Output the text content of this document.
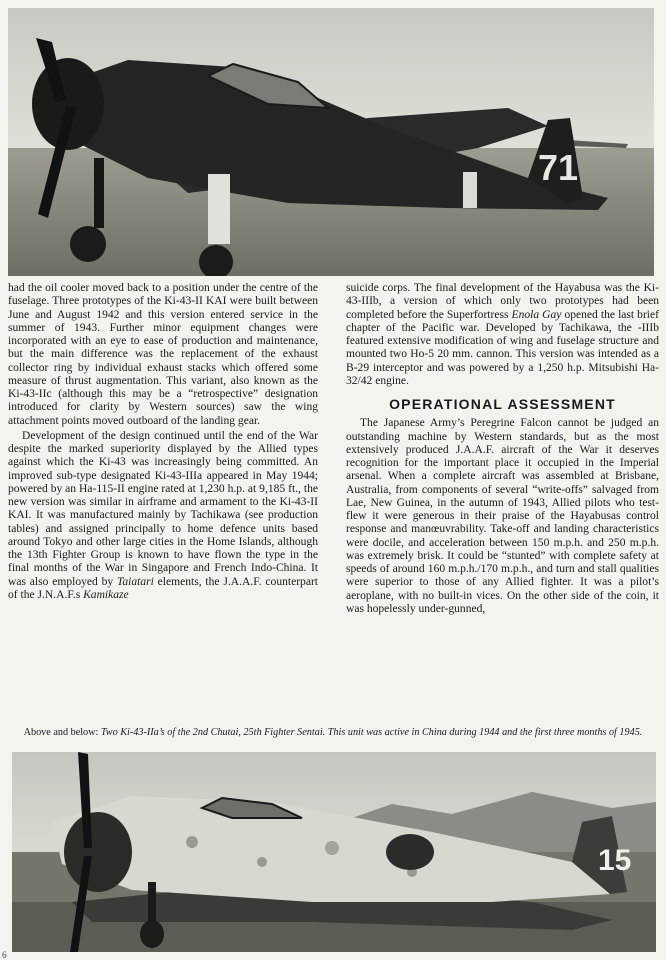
71

had the oil cooler moved back to a position under the centre of the fuselage. Three prototypes of the Ki-43-II KAI were built between June and August 1942 and this version entered service in the summer of 1943. Further minor equipment changes were incorporated with an eye to ease of production and maintenance, but the main difference was the replacement of the exhaust collector ring by individual exhaust stacks which offered some measure of thrust augmentation. This variant, also known as the Ki-43-IIc (although this may be a “retrospective” designation introduced for clarity by Western sources) saw the wing attachment points moved outboard of the landing gear.

Development of the design continued until the end of the War despite the marked superiority displayed by the Allied types against which the Ki-43 was increasingly being committed. An improved sub-type designated Ki-43-IIIa appeared in May 1944; powered by an Ha-115-II engine rated at 1,230 h.p. at 9,185 ft., the new version was similar in airframe and armament to the Ki-43-II KAI. It was manufactured mainly by Tachikawa (see production tables) and assigned principally to home defence units based around Tokyo and other large cities in the Home Islands, although the 13th Fighter Group is known to have flown the type in the final months of the War in Singapore and French Indo-China. It was also employed by Taiatari elements, the J.A.A.F. counterpart of the J.N.A.F.s Kamikaze

suicide corps. The final development of the Hayabusa was the Ki-43-IIIb, a version of which only two prototypes had been completed before the Superfortress Enola Gay opened the last brief chapter of the Pacific war. Developed by Tachikawa, the -IIIb featured extensive modification of wing and fuselage structure and mounted two Ho-5 20 mm. cannon. This version was intended as a B-29 interceptor and was powered by a 1,250 h.p. Mitsubishi Ha-32/42 engine.

OPERATIONAL ASSESSMENT

The Japanese Army’s Peregrine Falcon cannot be judged an outstanding machine by Western standards, but as the most extensively produced J.A.A.F. aircraft of the War it deserves recognition for the important place it occupied in the Imperial arsenal. When a complete aircraft was assembled at Brisbane, Australia, from components of several “write-offs” salvaged from Lae, New Guinea, in the autumn of 1943, Allied pilots who test-flew it were generous in their praise of the Hayabusas control response and manœuvrability. Take-off and landing characteristics were docile, and acceleration between 150 m.p.h. and 250 m.p.h. was extremely brisk. It could be “stunted” with complete safety at speeds of around 160 m.p.h./170 m.p.h., and turn and stall qualities were superior to those of any Allied fighter. It was a pilot’s aeroplane, with no built-in vices. On the other side of the coin, it was hopelessly under-gunned,

Above and below: Two Ki-43-IIa’s of the 2nd Chutai, 25th Fighter Sentai. This unit was active in China during 1944 and the first three months of 1945.
15
6
